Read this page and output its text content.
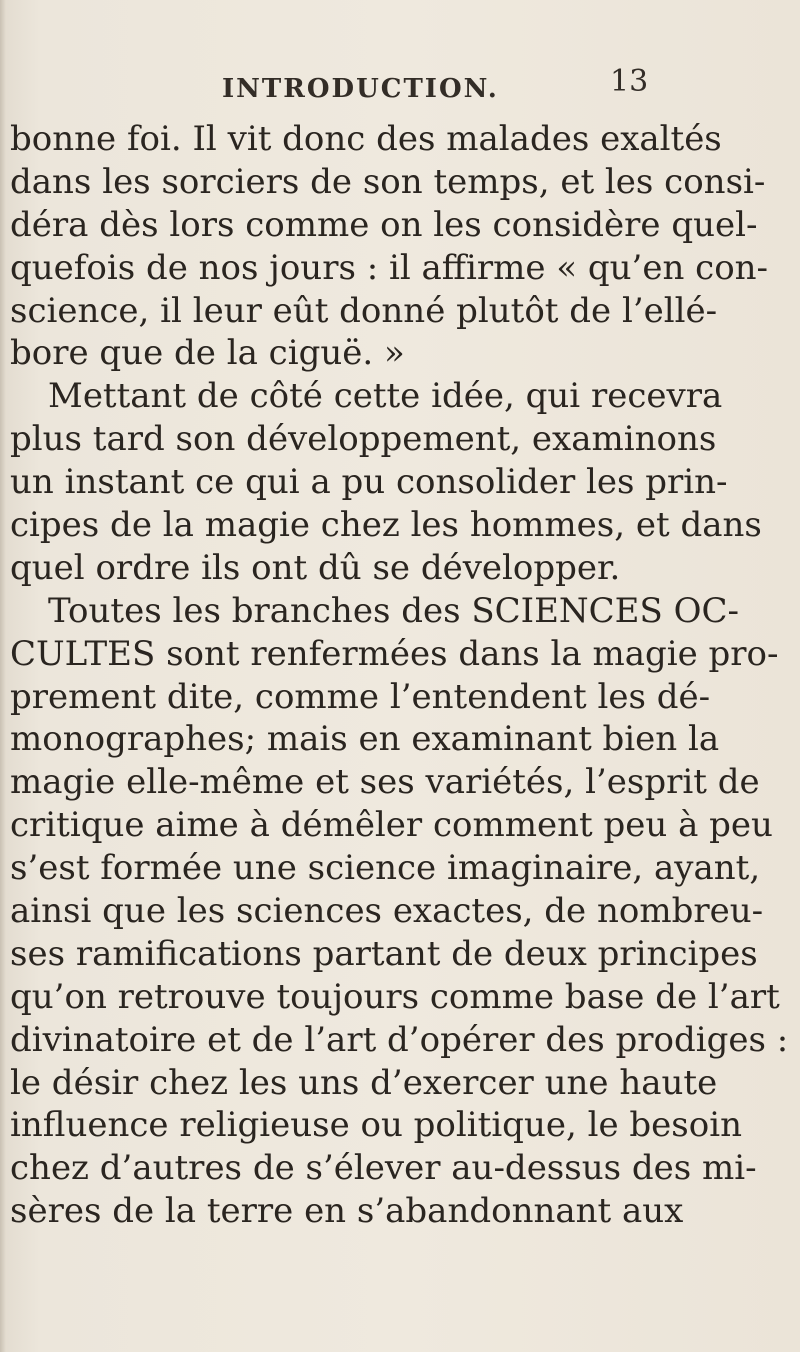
INTRODUCTION.	13
bonne foi. Il vit donc des malades exaltés
dans les sorciers de son temps, et les consi-
déra dès lors comme on les considère quel-
quefois de nos jours : il affirme « qu’en con-
science, il leur eût donné plutôt de l’ellé-
bore que de la ciguë. »
Mettant de côté cette idée, qui recevra
plus tard son développement, examinons
un instant ce qui a pu consolider les prin-
cipes de la magie chez les hommes, et dans
quel ordre ils ont dû se développer.
Toutes les branches des SCIENCES OC-
CULTES sont renfermées dans la magie pro-
prement dite, comme l’entendent les dé-
monographes; mais en examinant bien la
magie elle-même et ses variétés, l’esprit de
critique aime à démêler comment peu à peu
s’est formée une science imaginaire, ayant,
ainsi que les sciences exactes, de nombreu-
ses ramifications partant de deux principes
qu’on retrouve toujours comme base de l’art
divinatoire et de l’art d’opérer des prodiges :
le désir chez les uns d’exercer une haute
influence religieuse ou politique, le besoin
chez d’autres de s’élever au-dessus des mi-
sères de la terre en s’abandonnant aux
